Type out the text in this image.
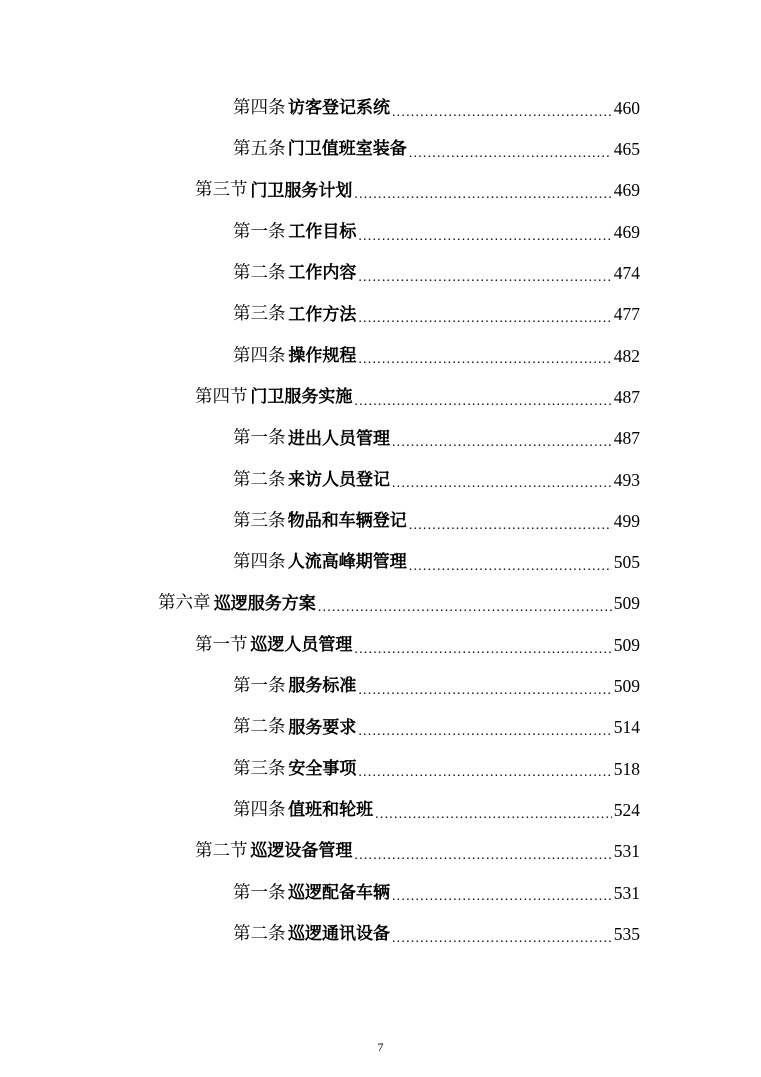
第四条 访客登记系统 .....	460
第五条 门卫值班室装备 .....	465
第三节 门卫服务计划 .....	469
第一条 工作目标 .....	469
第二条 工作内容 .....	474
第三条 工作方法 .....	477
第四条 操作规程 .....	482
第四节 门卫服务实施 .....	487
第一条 进出人员管理 .....	487
第二条 来访人员登记 .....	493
第三条 物品和车辆登记 .....	499
第四条 人流高峰期管理 .....	505
第六章 巡逻服务方案 .....	509
第一节 巡逻人员管理 .....	509
第一条 服务标准 .....	509
第二条 服务要求 .....	514
第三条 安全事项 .....	518
第四条 值班和轮班 .....	524
第二节 巡逻设备管理 .....	531
第一条 巡逻配备车辆 .....	531
第二条 巡逻通讯设备 .....	535
7
